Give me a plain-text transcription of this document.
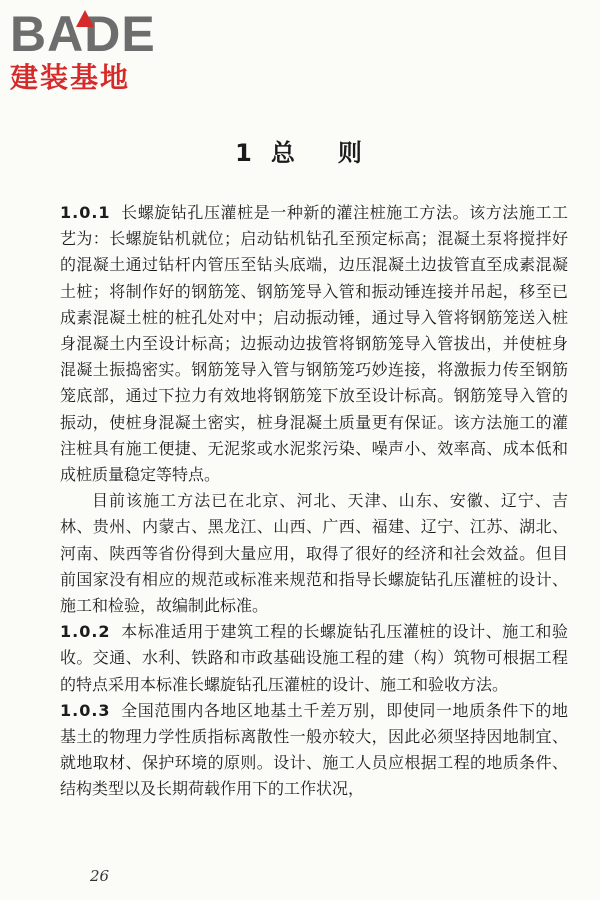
BADE
建装基地
1 总 则

1.0.1 长螺旋钻孔压灌桩是一种新的灌注桩施工方法。该方法施工工艺为：长螺旋钻机就位；启动钻机钻孔至预定标高；混凝土泵将搅拌好的混凝土通过钻杆内管压至钻头底端，边压混凝土边拔管直至成素混凝土桩；将制作好的钢筋笼、钢筋笼导入管和振动锤连接并吊起，移至已成素混凝土桩的桩孔处对中；启动振动锤，通过导入管将钢筋笼送入桩身混凝土内至设计标高；边振动边拔管将钢筋笼导入管拔出，并使桩身混凝土振捣密实。钢筋笼导入管与钢筋笼巧妙连接，将激振力传至钢筋笼底部，通过下拉力有效地将钢筋笼下放至设计标高。钢筋笼导入管的振动，使桩身混凝土密实，桩身混凝土质量更有保证。该方法施工的灌注桩具有施工便捷、无泥浆或水泥浆污染、噪声小、效率高、成本低和成桩质量稳定等特点。

目前该施工方法已在北京、河北、天津、山东、安徽、辽宁、吉林、贵州、内蒙古、黑龙江、山西、广西、福建、辽宁、江苏、湖北、河南、陕西等省份得到大量应用，取得了很好的经济和社会效益。但目前国家没有相应的规范或标准来规范和指导长螺旋钻孔压灌桩的设计、施工和检验，故编制此标准。

1.0.2 本标准适用于建筑工程的长螺旋钻孔压灌桩的设计、施工和验收。交通、水利、铁路和市政基础设施工程的建（构）筑物可根据工程的特点采用本标准长螺旋钻孔压灌桩的设计、施工和验收方法。

1.0.3 全国范围内各地区地基土千差万别，即使同一地质条件下的地基土的物理力学性质指标离散性一般亦较大，因此必须坚持因地制宜、就地取材、保护环境的原则。设计、施工人员应根据工程的地质条件、结构类型以及长期荷载作用下的工作状况，

26
